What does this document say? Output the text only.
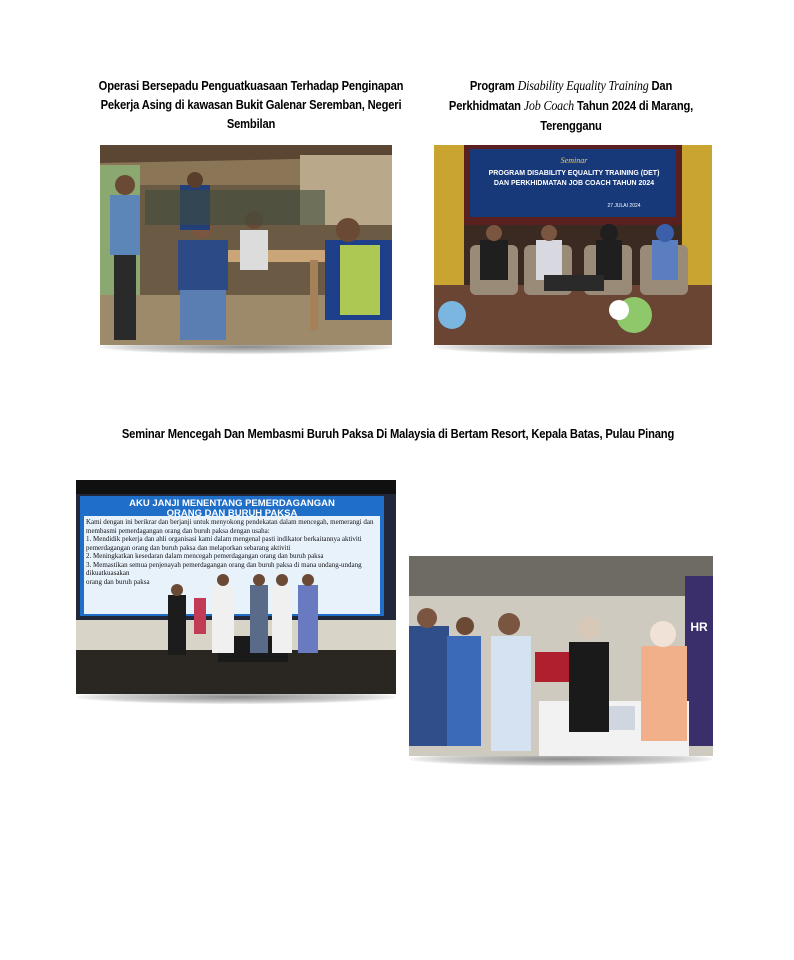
Operasi Bersepadu Penguatkuasaan Terhadap Penginapan Pekerja Asing di kawasan Bukit Galenar Seremban, Negeri Sembilan
Program Disability Equality Training Dan Perkhidmatan Job Coach Tahun 2024 di Marang, Terengganu
Seminar Mencegah Dan Membasmi Buruh Paksa Di Malaysia di Bertam Resort, Kepala Batas, Pulau Pinang
PROGRAM DISABILITY EQUALITY TRAINING (DET)
DAN PERKHIDMATAN JOB COACH TAHUN 2024
Seminar
27 JULAI 2024
AKU JANJI MENENTANG PEMERDAGANGAN
ORANG DAN BURUH PAKSA
Kami dengan ini berikrar dan berjanji untuk menyokong pendekatan dalam mencegah, memerangi dan membasmi pemerdagangan orang dan buruh paksa dengan usaha:
1. Mendidik pekerja dan ahli organisasi kami dalam mengenal pasti indikator berkaitannya aktiviti pemerdagangan orang dan buruh paksa dan melaporkan sebarang aktiviti
2. Meningkatkan kesedaran dalam mencegah pemerdagangan orang dan buruh paksa
3. Memastikan semua penjenayah pemerdagangan orang dan buruh paksa di mana undang-undang dikuatkuasakan
orang dan buruh paksa
HR
